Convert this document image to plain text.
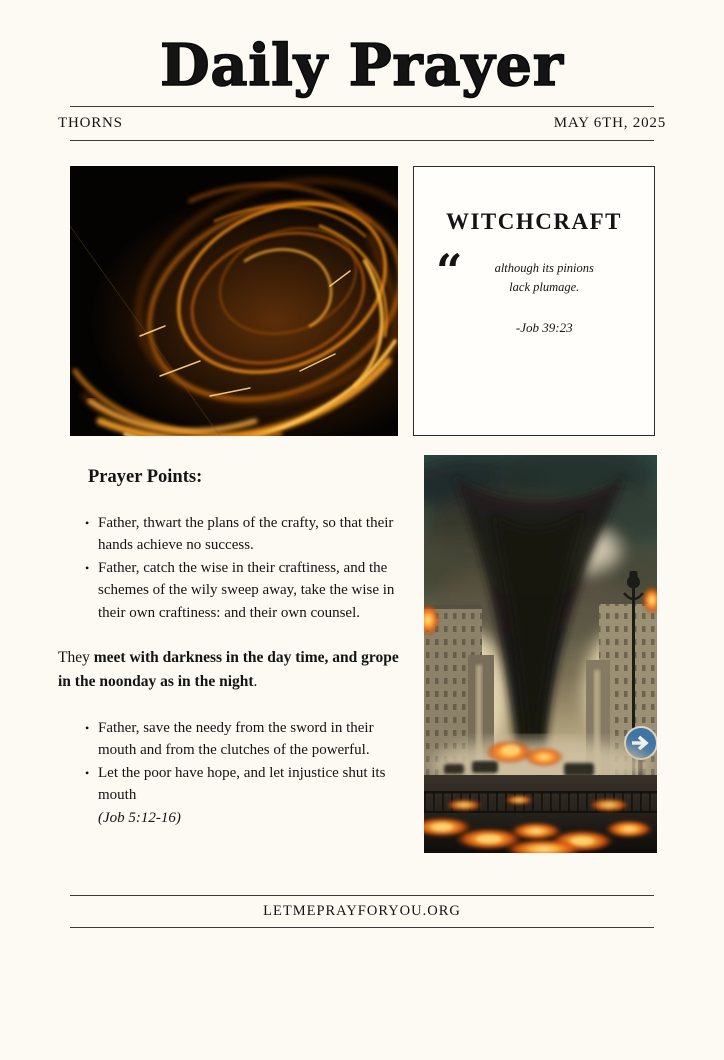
Daily Prayer
THORNS	MAY 6TH, 2025
WITCHCRAFT
“	although its pinions
lack plumage.
-Job 39:23
Prayer Points:
• Father, thwart the plans of the crafty, so that their hands achieve no success.
• Father, catch the wise in their craftiness, and the schemes of the wily sweep away, take the wise in their own craftiness: and their own counsel.

They meet with darkness in the day time, and grope in the noonday as in the night.

• Father, save the needy from the sword in their mouth and from the clutches of the powerful.
• Let the poor have hope, and let injustice shut its mouth
(Job 5:12-16)
LETMEPRAYFORYOU.ORG
